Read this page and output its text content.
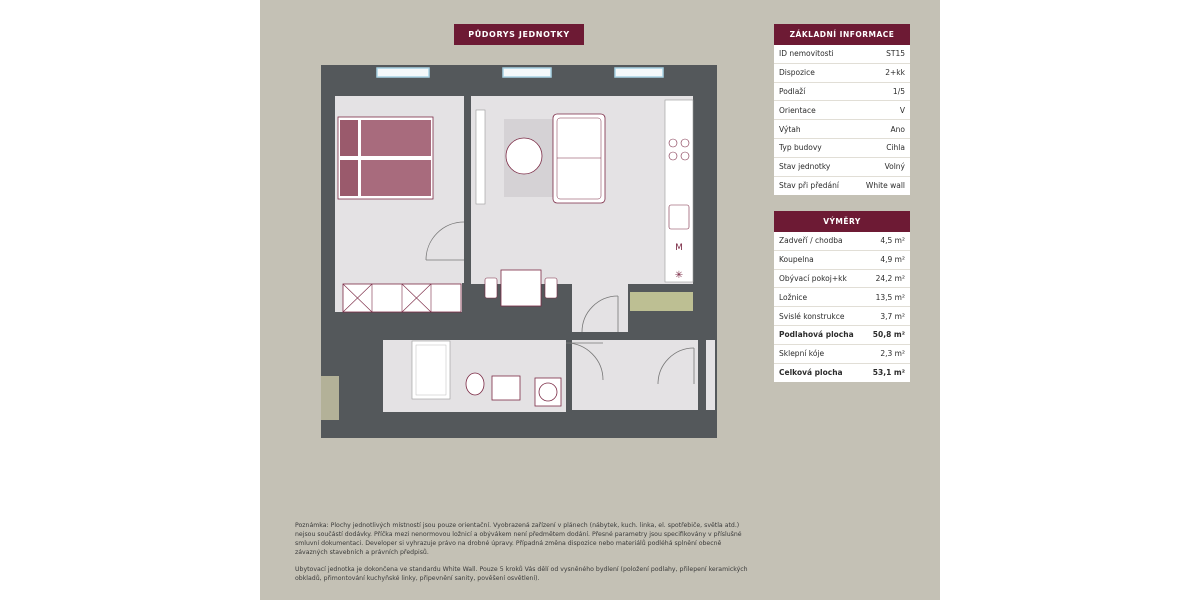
PŮDORYS JEDNOTKY
M
✳
ZÁKLADNÍ INFORMACE
ID nemovitosti	ST15
Dispozice	2+kk
Podlaží	1/5
Orientace	V
Výtah	Ano
Typ budovy	Cihla
Stav jednotky	Volný
Stav při předání	White wall
VÝMĚRY
Zadveří / chodba	4,5 m²
Koupelna	4,9 m²
Obývací pokoj+kk	24,2 m²
Ložnice	13,5 m²
Svislé konstrukce	3,7 m²
Podlahová plocha	50,8 m²
Sklepní kóje	2,3 m²
Celková plocha	53,1 m²

Poznámka: Plochy jednotlivých místností jsou pouze orientační. Vyobrazená zařízení v plánech (nábytek, kuch. linka, el. spotřebiče, světla atd.) nejsou součástí dodávky. Příčka mezi nenormovou ložnicí a obývákem není předmětem dodání. Přesné parametry jsou specifikovány v příslušné smluvní dokumentaci. Developer si vyhrazuje právo na drobné úpravy. Případná změna dispozice nebo materiálů podléhá splnění obecně závazných stavebních a právních předpisů.

Ubytovací jednotka je dokončena ve standardu White Wall. Pouze 5 kroků Vás dělí od vysněného bydlení (položení podlahy, přilepení keramických obkladů, přimontování kuchyňské linky, připevnění sanity, pověšení osvětlení).
